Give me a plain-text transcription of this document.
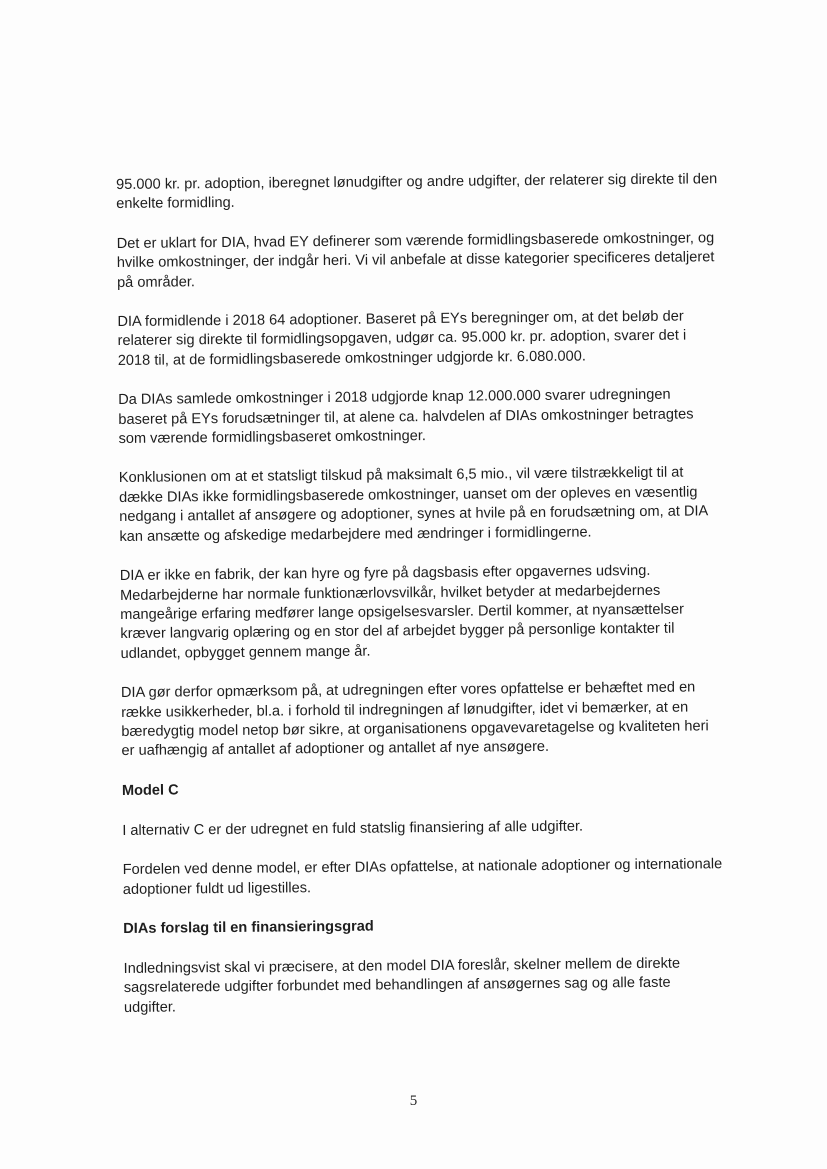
95.000 kr. pr. adoption, iberegnet lønudgifter og andre udgifter, der relaterer sig direkte til den enkelte formidling.

Det er uklart for DIA, hvad EY definerer som værende formidlingsbaserede omkostninger, og hvilke omkostninger, der indgår heri. Vi vil anbefale at disse kategorier specificeres detaljeret på områder.

DIA formidlende i 2018 64 adoptioner. Baseret på EYs beregninger om, at det beløb der relaterer sig direkte til formidlingsopgaven, udgør ca. 95.000 kr. pr. adoption, svarer det i 2018 til, at de formidlingsbaserede omkostninger udgjorde kr. 6.080.000.

Da DIAs samlede omkostninger i 2018 udgjorde knap 12.000.000 svarer udregningen baseret på EYs forudsætninger til, at alene ca. halvdelen af DIAs omkostninger betragtes som værende formidlingsbaseret omkostninger.

Konklusionen om at et statsligt tilskud på maksimalt 6,5 mio., vil være tilstrækkeligt til at dække DIAs ikke formidlingsbaserede omkostninger, uanset om der opleves en væsentlig nedgang i antallet af ansøgere og adoptioner, synes at hvile på en forudsætning om, at DIA kan ansætte og afskedige medarbejdere med ændringer i formidlingerne.

DIA er ikke en fabrik, der kan hyre og fyre på dagsbasis efter opgavernes udsving. Medarbejderne har normale funktionærlovsvilkår, hvilket betyder at medarbejdernes mangeårige erfaring medfører lange opsigelsesvarsler. Dertil kommer, at nyansættelser kræver langvarig oplæring og en stor del af arbejdet bygger på personlige kontakter til udlandet, opbygget gennem mange år.

DIA gør derfor opmærksom på, at udregningen efter vores opfattelse er behæftet med en række usikkerheder, bl.a. i forhold til indregningen af lønudgifter, idet vi bemærker, at en bæredygtig model netop bør sikre, at organisationens opgavevaretagelse og kvaliteten heri er uafhængig af antallet af adoptioner og antallet af nye ansøgere.

Model C

I alternativ C er der udregnet en fuld statslig finansiering af alle udgifter.

Fordelen ved denne model, er efter DIAs opfattelse, at nationale adoptioner og internationale adoptioner fuldt ud ligestilles.

DIAs forslag til en finansieringsgrad

Indledningsvist skal vi præcisere, at den model DIA foreslår, skelner mellem de direkte sagsrelaterede udgifter forbundet med behandlingen af ansøgernes sag og alle faste udgifter.

5
